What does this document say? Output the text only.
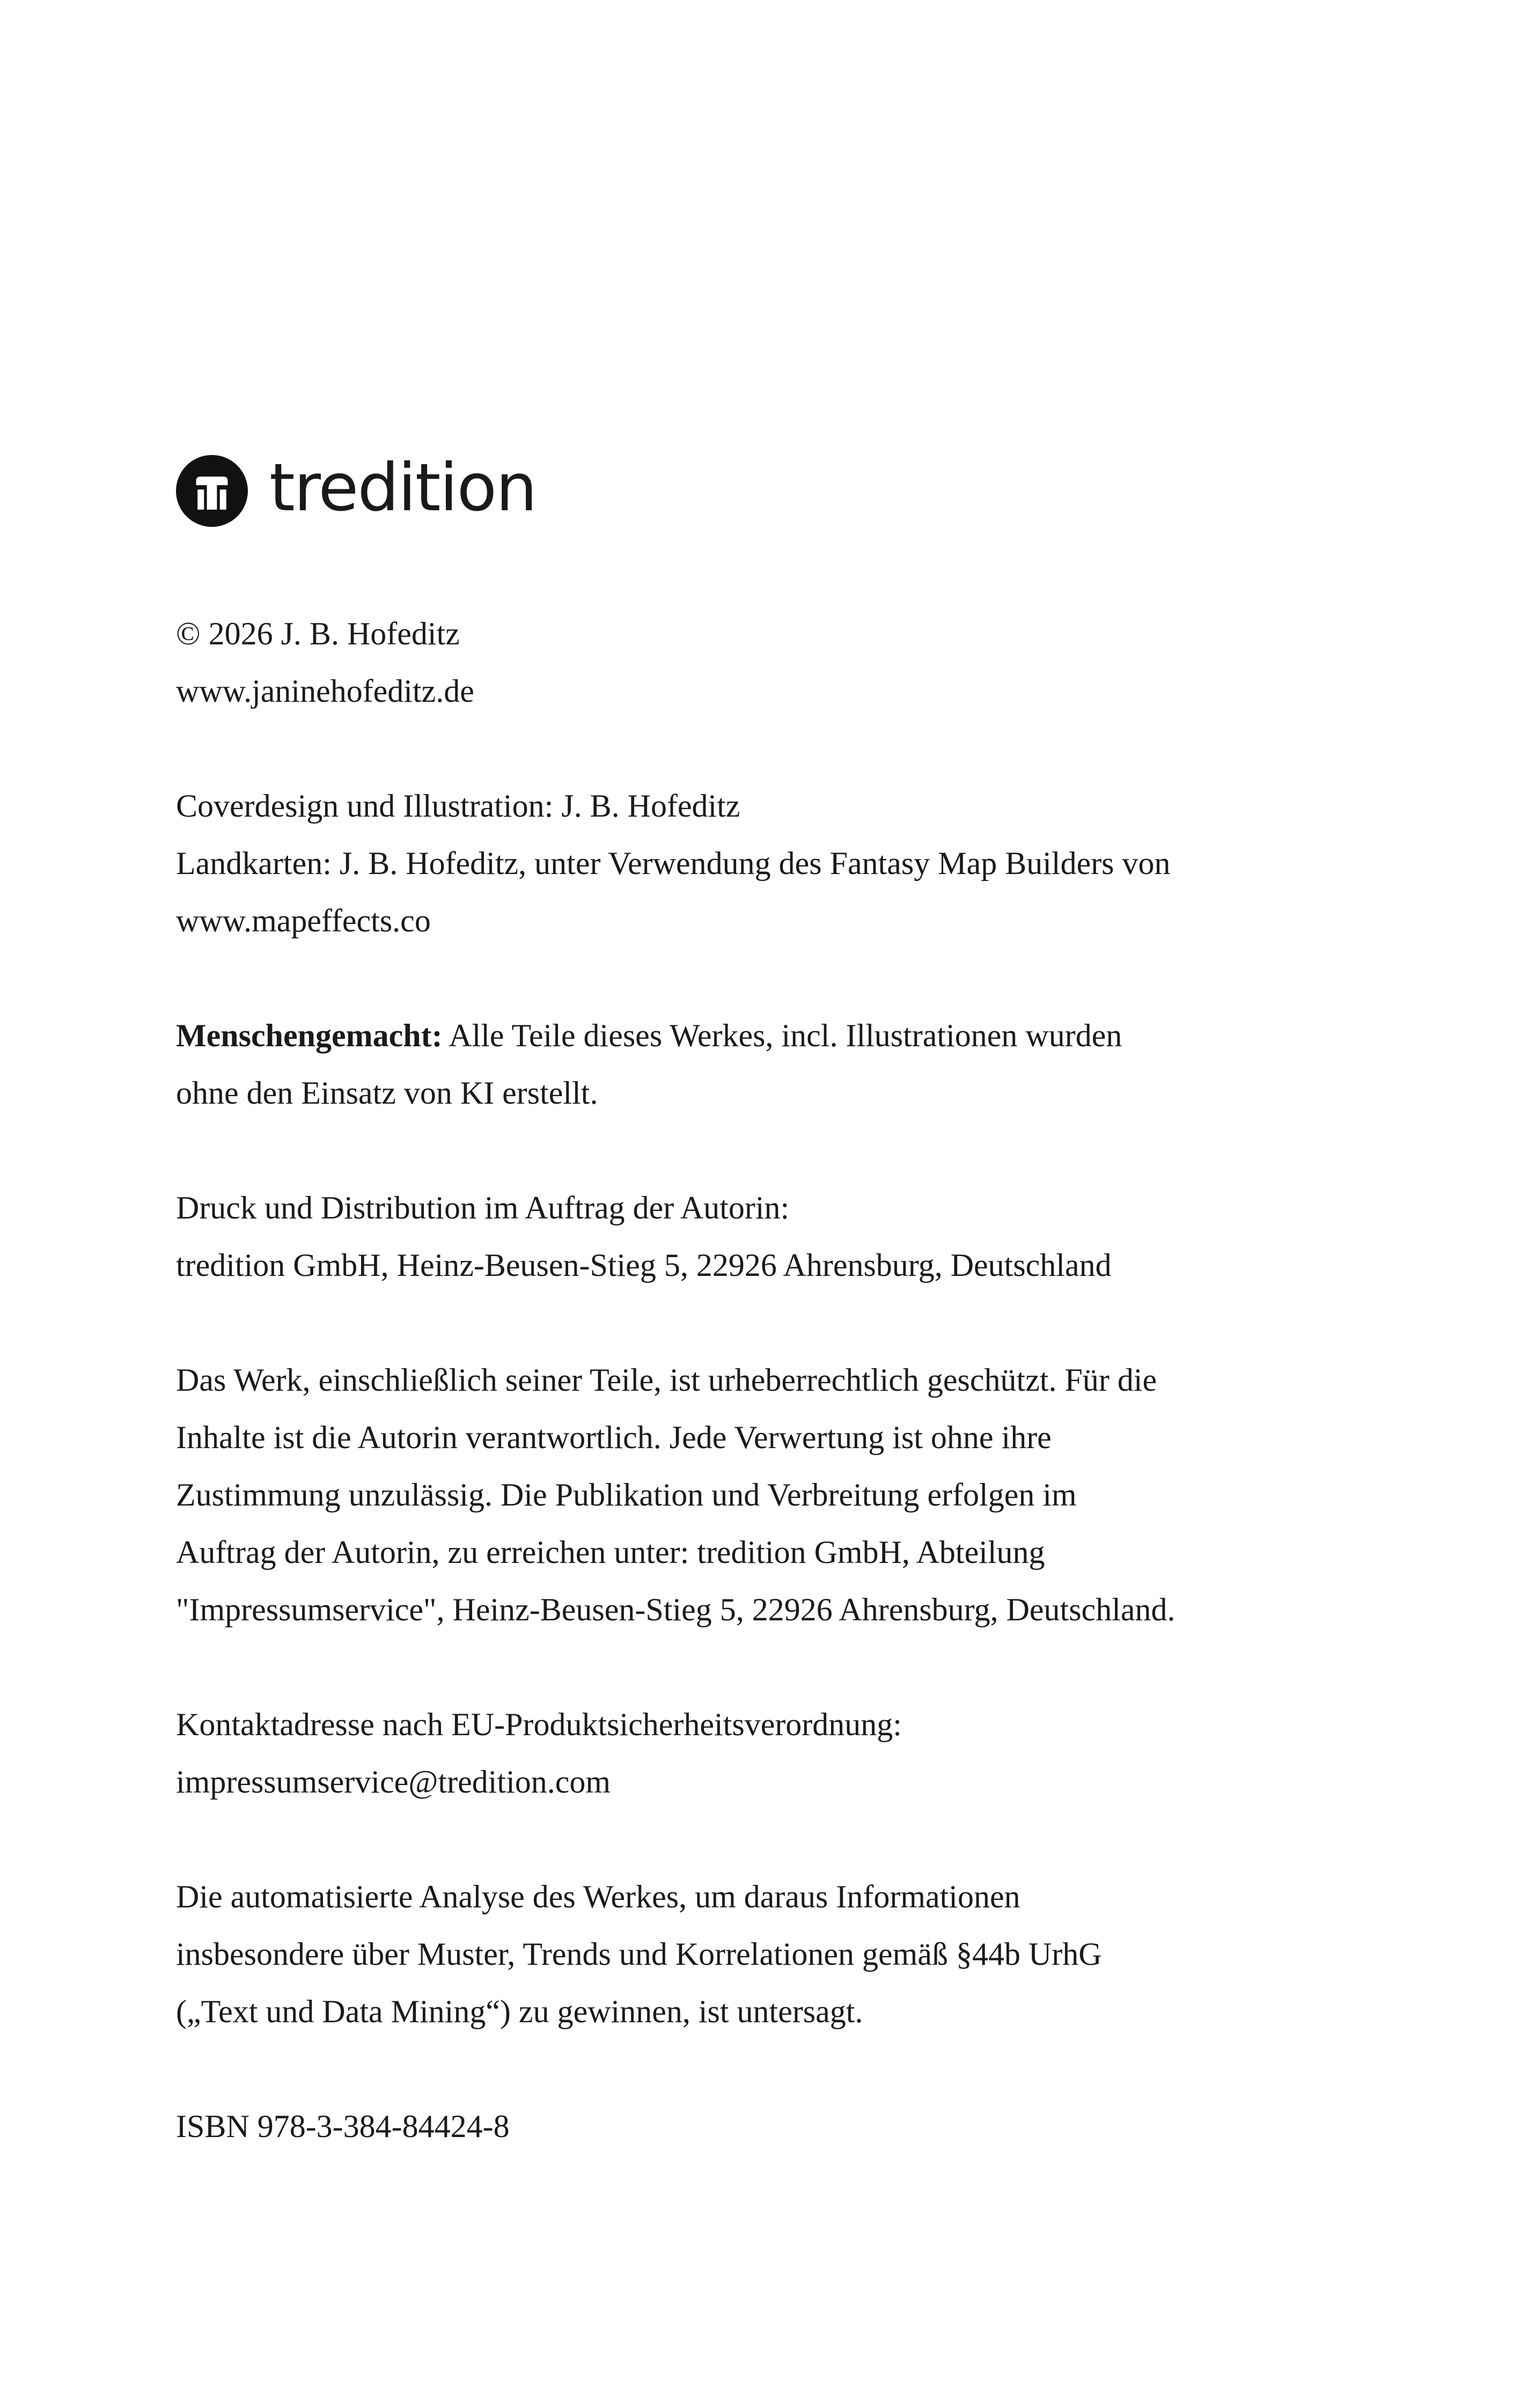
tredition
© 2026 J. B. Hofeditz
www.janinehofeditz.de
Coverdesign und Illustration: J. B. Hofeditz
Landkarten: J. B. Hofeditz, unter Verwendung des Fantasy Map Builders von
www.mapeffects.co
Menschengemacht: Alle Teile dieses Werkes, incl. Illustrationen wurden
ohne den Einsatz von KI erstellt.
Druck und Distribution im Auftrag der Autorin:
tredition GmbH, Heinz-Beusen-Stieg 5, 22926 Ahrensburg, Deutschland
Das Werk, einschließlich seiner Teile, ist urheberrechtlich geschützt. Für die
Inhalte ist die Autorin verantwortlich. Jede Verwertung ist ohne ihre
Zustimmung unzulässig. Die Publikation und Verbreitung erfolgen im
Auftrag der Autorin, zu erreichen unter: tredition GmbH, Abteilung
"Impressumservice", Heinz-Beusen-Stieg 5, 22926 Ahrensburg, Deutschland.
Kontaktadresse nach EU-Produktsicherheitsverordnung:
impressumservice@tredition.com
Die automatisierte Analyse des Werkes, um daraus Informationen
insbesondere über Muster, Trends und Korrelationen gemäß §44b UrhG
(„Text und Data Mining“) zu gewinnen, ist untersagt.
ISBN 978-3-384-84424-8
